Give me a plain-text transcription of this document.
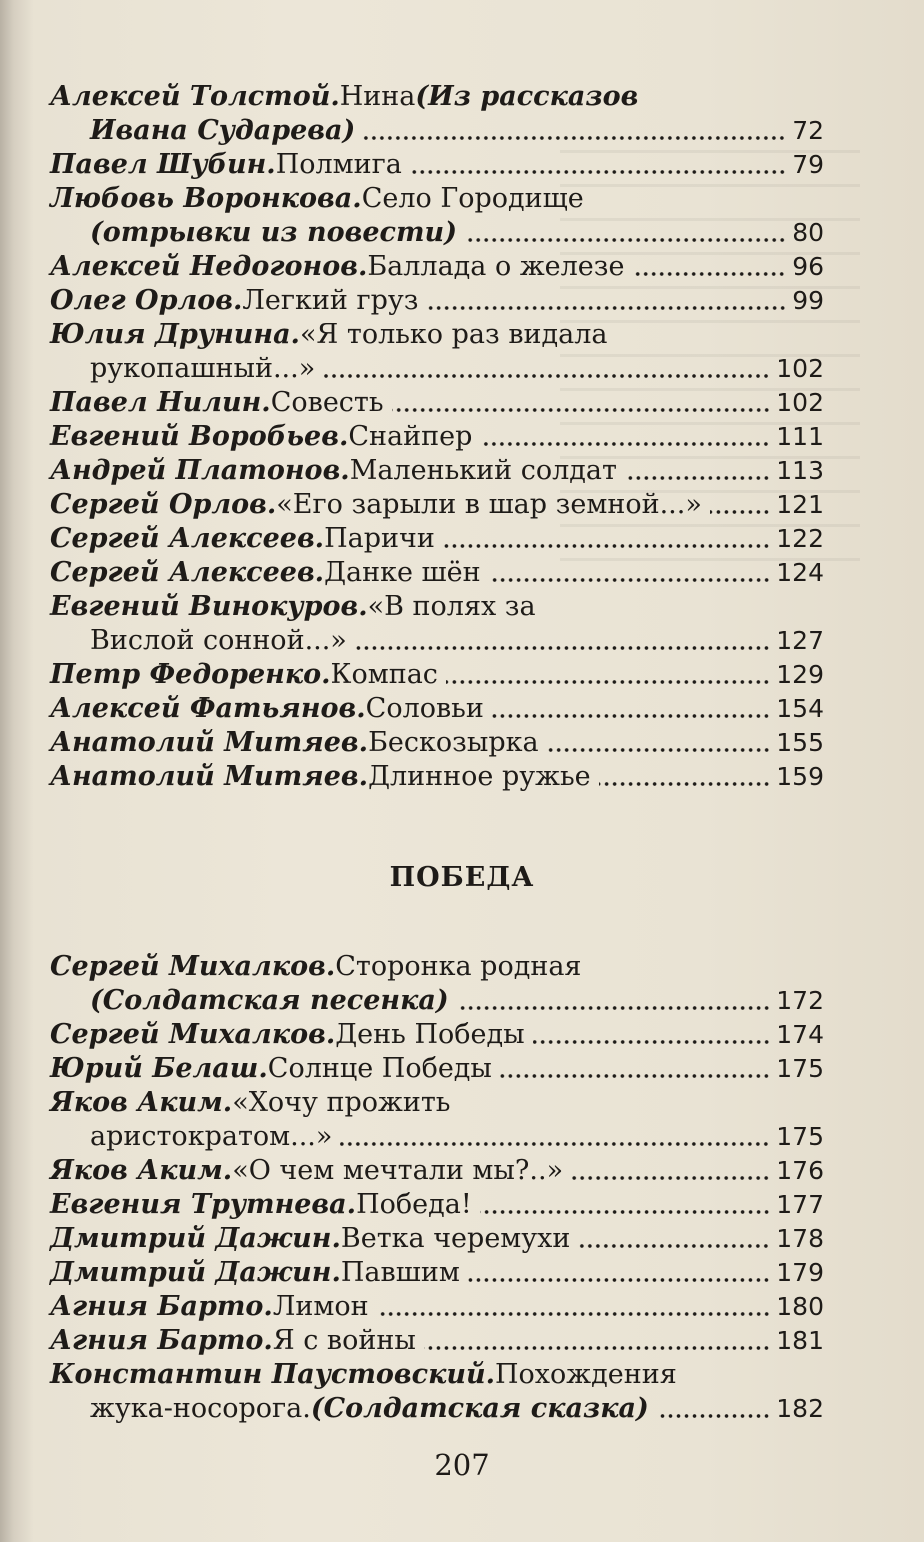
Алексей Толстой. Нина (Из рассказов
Ивана Сударева)	72
Павел Шубин. Полмига	79
Любовь Воронкова. Село Городище
(отрывки из повести)	80
Алексей Недогонов. Баллада о железе	96
Олег Орлов. Легкий груз	99
Юлия Друнина. «Я только раз видала
рукопашный...»	102
Павел Нилин. Совесть	102
Евгений Воробьев. Снайпер	111
Андрей Платонов. Маленький солдат	113
Сергей Орлов. «Его зарыли в шар земной...»	121
Сергей Алексеев. Паричи	122
Сергей Алексеев. Данке шён	124
Евгений Винокуров. «В полях за
Вислой сонной...»	127
Петр Федоренко. Компас	129
Алексей Фатьянов. Соловьи	154
Анатолий Митяев. Бескозырка	155
Анатолий Митяев. Длинное ружье	159
ПОБЕДА
Сергей Михалков. Сторонка родная
(Солдатская песенка)	172
Сергей Михалков. День Победы	174
Юрий Белаш. Солнце Победы	175
Яков Аким. «Хочу прожить
аристократом...»	175
Яков Аким. «О чем мечтали мы?..»	176
Евгения Трутнева. Победа!	177
Дмитрий Дажин. Ветка черемухи	178
Дмитрий Дажин. Павшим	179
Агния Барто. Лимон	180
Агния Барто. Я с войны	181
Константин Паустовский. Похождения
жука-носорога. (Солдатская сказка)	182
207
